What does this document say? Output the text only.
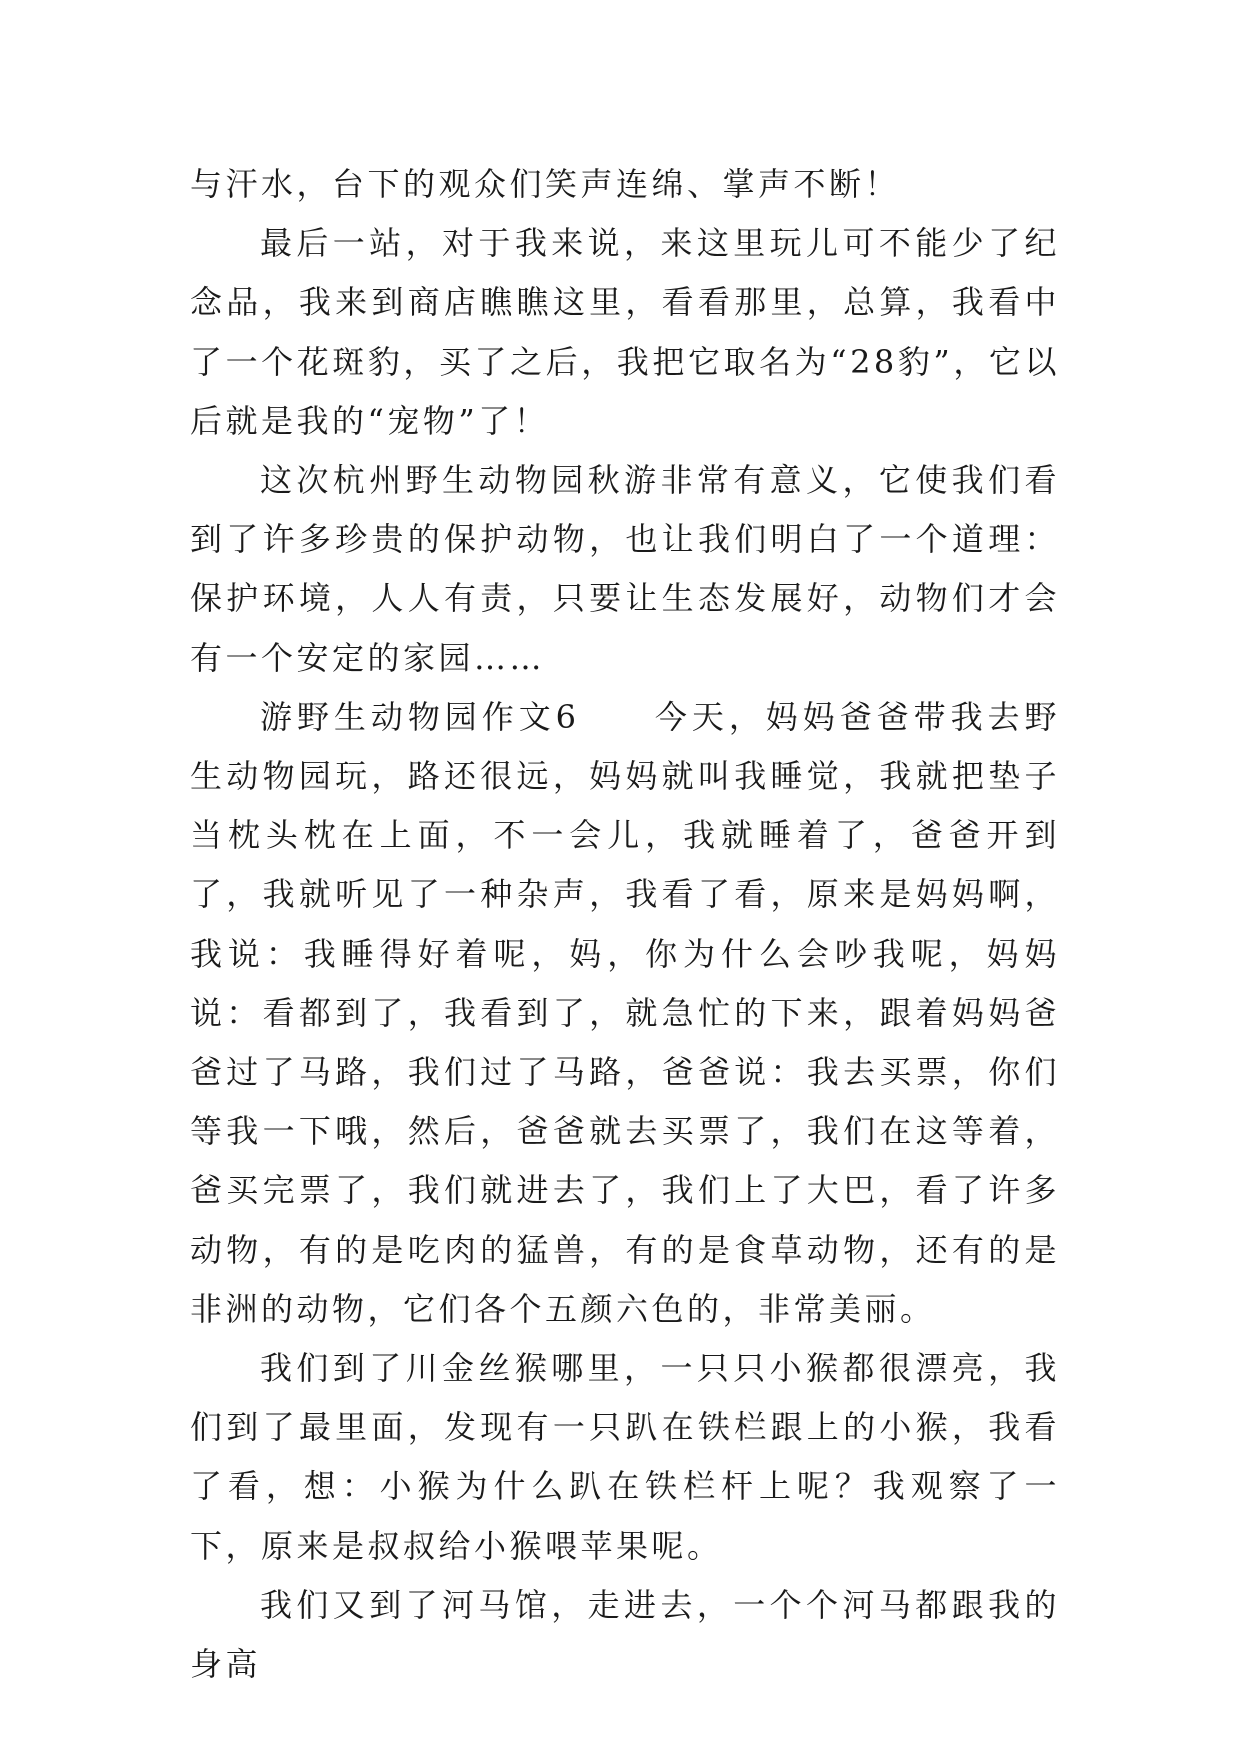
与汗水，台下的观众们笑声连绵、掌声不断！

最后一站，对于我来说，来这里玩儿可不能少了纪念品，我来到商店瞧瞧这里，看看那里，总算，我看中了一个花斑豹，买了之后，我把它取名为“28豹”，它以后就是我的“宠物”了！

这次杭州野生动物园秋游非常有意义，它使我们看到了许多珍贵的保护动物，也让我们明白了一个道理：保护环境，人人有责，只要让生态发展好，动物们才会有一个安定的家园……

游野生动物园作文6　　今天，妈妈爸爸带我去野生动物园玩，路还很远，妈妈就叫我睡觉，我就把垫子当枕头枕在上面，不一会儿，我就睡着了，爸爸开到了，我就听见了一种杂声，我看了看，原来是妈妈啊，我说：我睡得好着呢，妈，你为什么会吵我呢，妈妈说：看都到了，我看到了，就急忙的下来，跟着妈妈爸爸过了马路，我们过了马路，爸爸说：我去买票，你们等我一下哦，然后，爸爸就去买票了，我们在这等着，爸买完票了，我们就进去了，我们上了大巴，看了许多动物，有的是吃肉的猛兽，有的是食草动物，还有的是非洲的动物，它们各个五颜六色的，非常美丽。

我们到了川金丝猴哪里，一只只小猴都很漂亮，我们到了最里面，发现有一只趴在铁栏跟上的小猴，我看了看，想：小猴为什么趴在铁栏杆上呢？我观察了一下，原来是叔叔给小猴喂苹果呢。

我们又到了河马馆，走进去，一个个河马都跟我的身高
